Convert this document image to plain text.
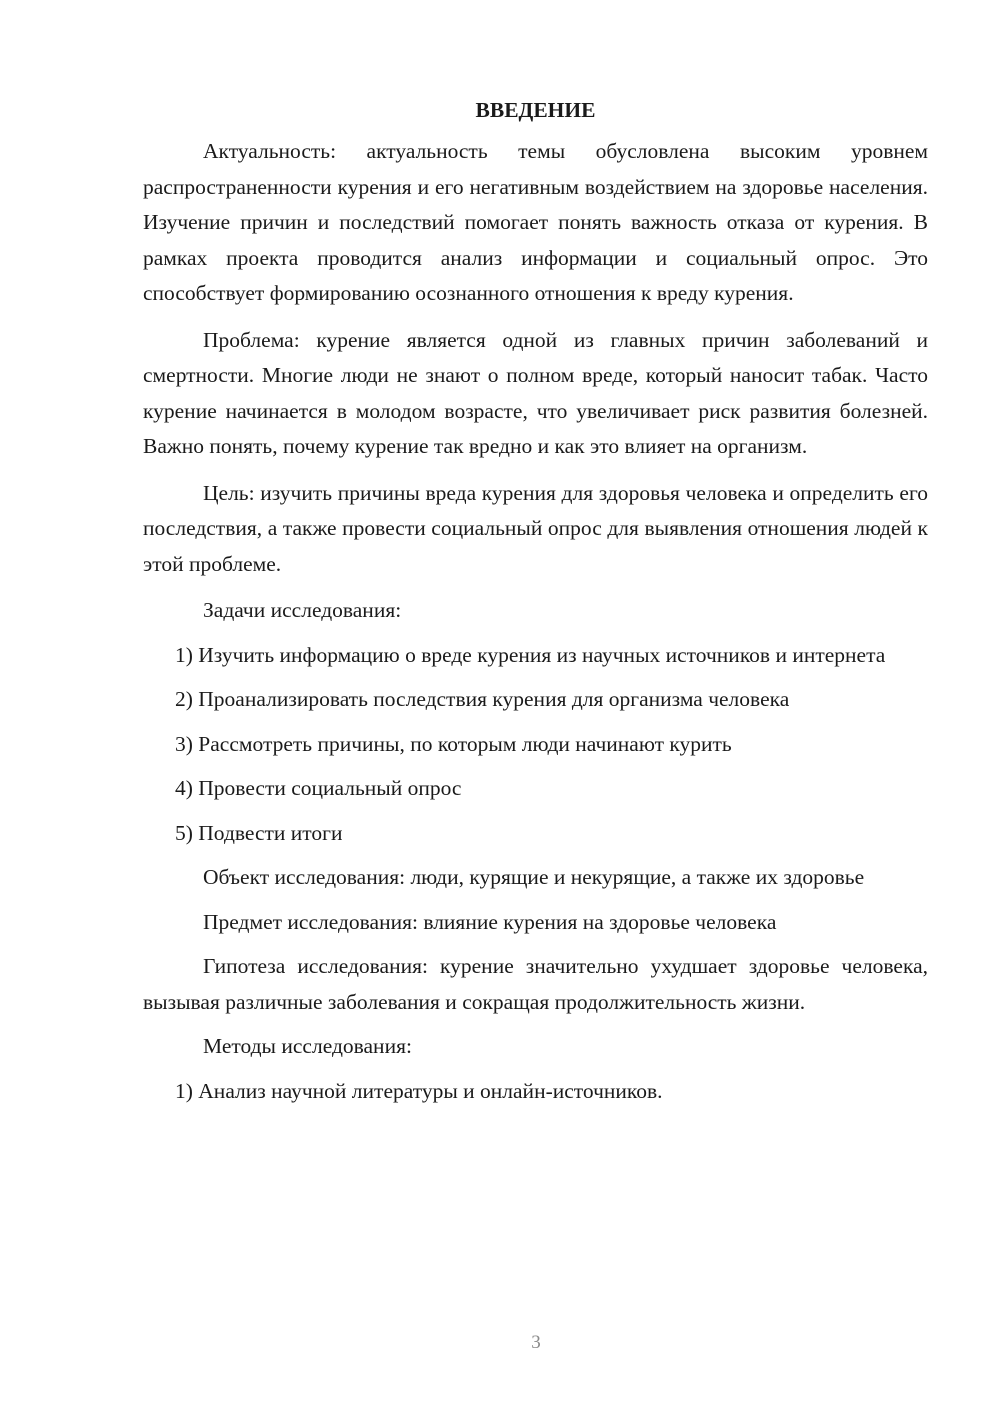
ВВЕДЕНИЕ

Актуальность: актуальность темы обусловлена высоким уровнем распространенности курения и его негативным воздействием на здоровье населения. Изучение причин и последствий помогает понять важность отказа от курения. В рамках проекта проводится анализ информации и социальный опрос. Это способствует формированию осознанного отношения к вреду курения.

Проблема: курение является одной из главных причин заболеваний и смертности. Многие люди не знают о полном вреде, который наносит табак. Часто курение начинается в молодом возрасте, что увеличивает риск развития болезней. Важно понять, почему курение так вредно и как это влияет на организм.

Цель: изучить причины вреда курения для здоровья человека и определить его последствия, а также провести социальный опрос для выявления отношения людей к этой проблеме.

Задачи исследования:

1) Изучить информацию о вреде курения из научных источников и интернета

2) Проанализировать последствия курения для организма человека

3) Рассмотреть причины, по которым люди начинают курить

4) Провести социальный опрос

5) Подвести итоги

Объект исследования: люди, курящие и некурящие, а также их здоровье

Предмет исследования: влияние курения на здоровье человека

Гипотеза исследования: курение значительно ухудшает здоровье человека, вызывая различные заболевания и сокращая продолжительность жизни.

Методы исследования:

1) Анализ научной литературы и онлайн-источников.

3
